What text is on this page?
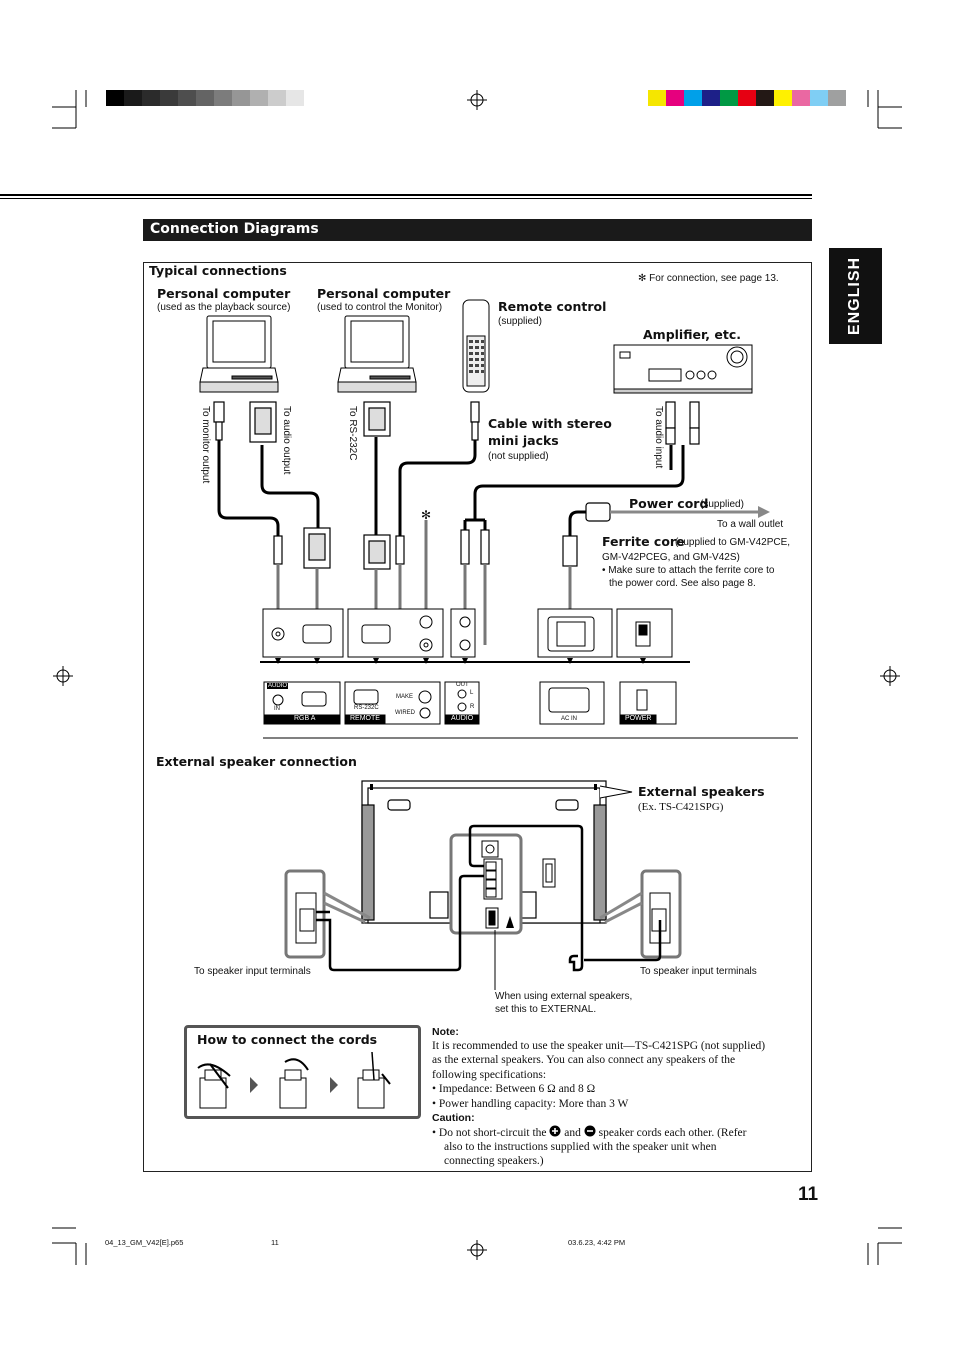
Connection Diagrams
ENGLISH
Typical connections
✻ For connection, see page 13.
Personal computer
(used as the playback source)
Personal computer
(used to control the Monitor)	Remote control
(supplied)
Amplifier, etc.
To monitor output	To audio output	To RS-232C	To audio input
Cable with stereo
mini jacks
(not supplied)
✻
Power cord
(supplied)
To a wall outlet
Ferrite core
(supplied to GM-V42PCE,
GM-V42PCEG, and GM-V42S)
• Make sure to attach the ferrite core to
the power cord. See also page 8.
AUDIO
IN
RGB A
RS-232C
REMOTE
MAKE
WIRED
OUT
L
R
AUDIO	AC IN	POWER
External speaker connection
External speakers
(Ex. TS-C421SPG)
To speaker input terminals	To speaker input terminals
When using external speakers,
set this to EXTERNAL.
How to connect the cords	Note:
It is recommended to use the speaker unit—TS-C421SPG (not supplied)
as the external speakers. You can also connect any speakers of the
following specifications:
• Impedance: Between 6 Ω and 8 Ω
• Power handling capacity: More than 3 W
Caution:
• Do not short-circuit the and speaker cords each other. (Refer
also to the instructions supplied with the speaker unit when
connecting speakers.)
11
04_13_GM_V42[E].p65	11	03.6.23, 4:42 PM
